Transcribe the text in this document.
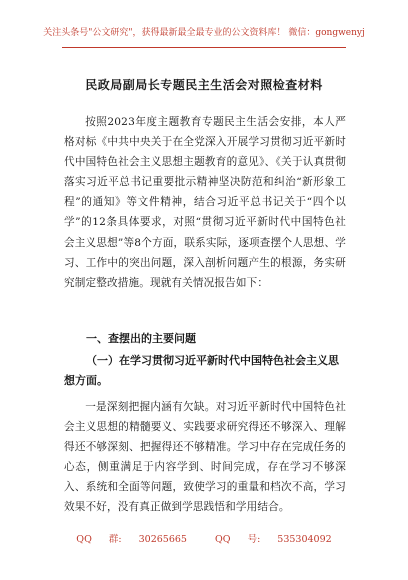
关注头条号"公文研究"，获得最新最全最专业的公文资料库！ 微信：gongwenyj
民政局副局长专题民主生活会对照检查材料
按照2023年度主题教育专题民主生活会安排，本人严格对标《中共中央关于在全党深入开展学习贯彻习近平新时代中国特色社会主义思想主题教育的意见》、《关于认真贯彻落实习近平总书记重要批示精神坚决防范和纠治“新形象工程”的通知》等文件精神，结合习近平总书记关于“四个以学”的12条具体要求，对照“贯彻习近平新时代中国特色社会主义思想”等8个方面，联系实际，逐项查摆个人思想、学习、工作中的突出问题，深入剖析问题产生的根源，务实研究制定整改措施。现就有关情况报告如下：
一、查摆出的主要问题
（一）在学习贯彻习近平新时代中国特色社会主义思想方面。
一是深刻把握内涵有欠缺。对习近平新时代中国特色社会主义思想的精髓要义、实践要求研究得还不够深入、理解得还不够深刻、把握得还不够精准。学习中存在完成任务的心态，侧重满足于内容学到、时间完成，存在学习不够深入、系统和全面等问题，致使学习的重量和档次不高，学习效果不好，没有真正做到学思践悟和学用结合。
QQ 群: 30265665	QQ 号: 535304092
